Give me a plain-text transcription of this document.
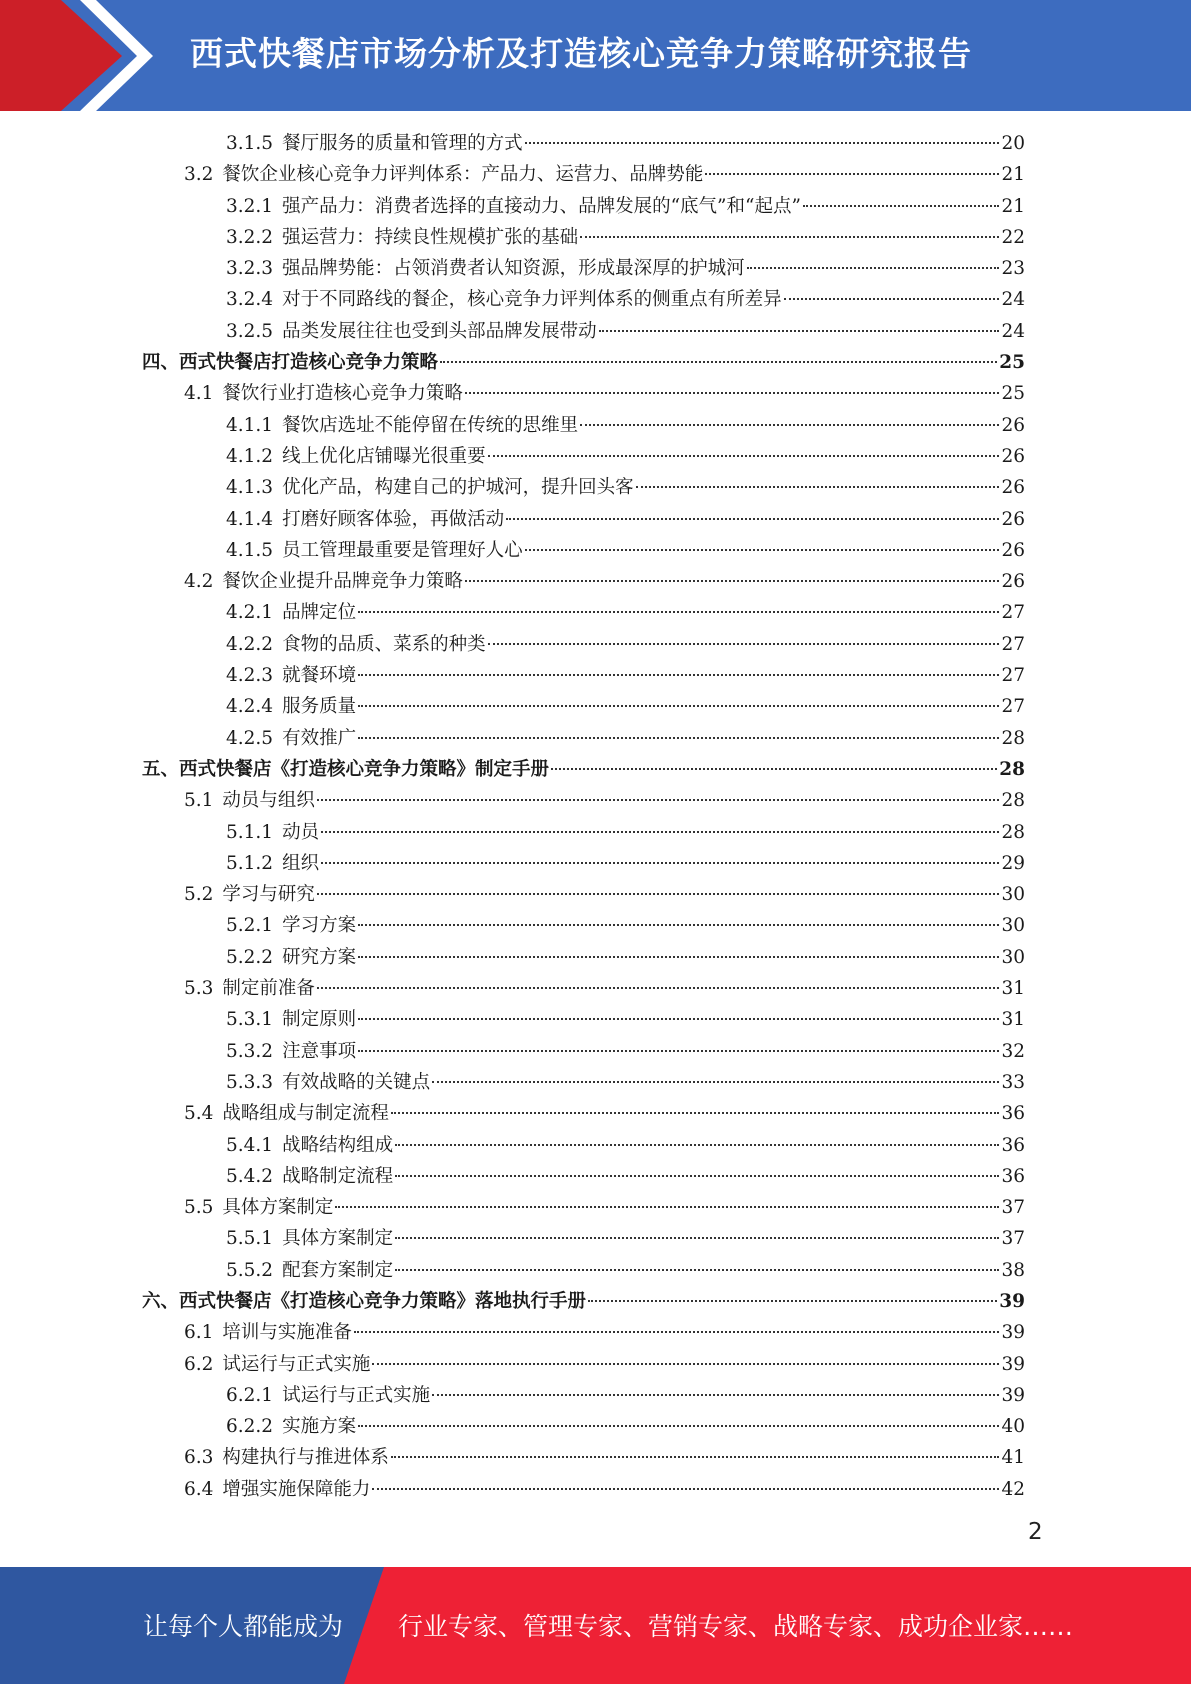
西式快餐店市场分析及打造核心竞争力策略研究报告
3.1.5 餐厅服务的质量和管理的方式	20
3.2 餐饮企业核心竞争力评判体系：产品力、运营力、品牌势能	21
3.2.1 强产品力：消费者选择的直接动力、品牌发展的“底气”和“起点”	21
3.2.2 强运营力：持续良性规模扩张的基础	22
3.2.3 强品牌势能：占领消费者认知资源，形成最深厚的护城河	23
3.2.4 对于不同路线的餐企，核心竞争力评判体系的侧重点有所差异	24
3.2.5 品类发展往往也受到头部品牌发展带动	24
四、 西式快餐店打造核心竞争力策略	25
4.1 餐饮行业打造核心竞争力策略	25
4.1.1 餐饮店选址不能停留在传统的思维里	26
4.1.2 线上优化店铺曝光很重要	26
4.1.3 优化产品，构建自己的护城河，提升回头客	26
4.1.4 打磨好顾客体验，再做活动	26
4.1.5 员工管理最重要是管理好人心	26
4.2 餐饮企业提升品牌竞争力策略	26
4.2.1 品牌定位	27
4.2.2 食物的品质、菜系的种类	27
4.2.3 就餐环境	27
4.2.4 服务质量	27
4.2.5 有效推广	28
五、 西式快餐店《打造核心竞争力策略》制定手册	28
5.1 动员与组织	28
5.1.1 动员	28
5.1.2 组织	29
5.2 学习与研究	30
5.2.1 学习方案	30
5.2.2 研究方案	30
5.3 制定前准备	31
5.3.1 制定原则	31
5.3.2 注意事项	32
5.3.3 有效战略的关键点	33
5.4 战略组成与制定流程	36
5.4.1 战略结构组成	36
5.4.2 战略制定流程	36
5.5 具体方案制定	37
5.5.1 具体方案制定	37
5.5.2 配套方案制定	38
六、 西式快餐店《打造核心竞争力策略》落地执行手册	39
6.1 培训与实施准备	39
6.2 试运行与正式实施	39
6.2.1 试运行与正式实施	39
6.2.2 实施方案	40
6.3 构建执行与推进体系	41
6.4 增强实施保障能力	42
2
让每个人都能成为 行业专家、管理专家、营销专家、战略专家、成功企业家……
